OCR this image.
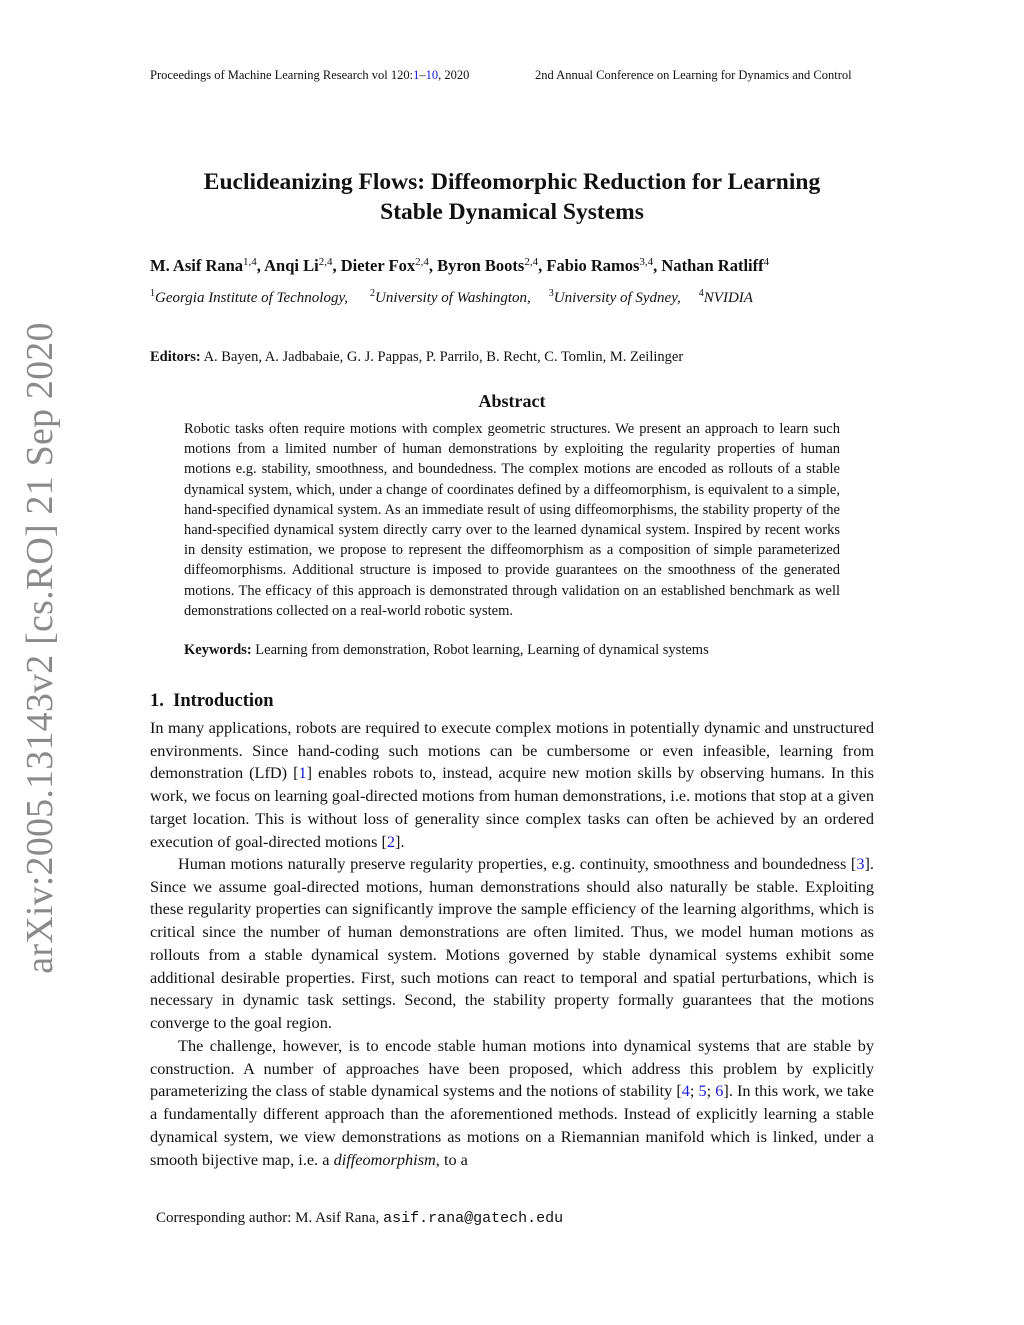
Proceedings of Machine Learning Research vol 120:1–10, 2020	2nd Annual Conference on Learning for Dynamics and Control
arXiv:2005.13143v2 [cs.RO] 21 Sep 2020
Euclideanizing Flows: Diffeomorphic Reduction for Learning
Stable Dynamical Systems
M. Asif Rana$^{1,4}$, Anqi Li$^{2,4}$, Dieter Fox$^{2,4}$, Byron Boots$^{2,4}$, Fabio Ramos$^{3,4}$, Nathan Ratliff$^4$
$^1$Georgia Institute of Technology, $^2$University of Washington, $^3$University of Sydney, $^4$NVIDIA
Editors: A. Bayen, A. Jadbabaie, G. J. Pappas, P. Parrilo, B. Recht, C. Tomlin, M. Zeilinger
Abstract

Robotic tasks often require motions with complex geometric structures. We present an approach to learn such motions from a limited number of human demonstrations by exploiting the regularity properties of human motions e.g. stability, smoothness, and boundedness. The complex motions are encoded as rollouts of a stable dynamical system, which, under a change of coordinates defined by a diffeomorphism, is equivalent to a simple, hand-specified dynamical system. As an immediate result of using diffeomorphisms, the stability property of the hand-specified dynamical system directly carry over to the learned dynamical system. Inspired by recent works in density estimation, we propose to represent the diffeomorphism as a composition of simple parameterized diffeomorphisms. Additional structure is imposed to provide guarantees on the smoothness of the generated motions. The efficacy of this approach is demonstrated through validation on an established benchmark as well demonstrations collected on a real-world robotic system.

Keywords: Learning from demonstration, Robot learning, Learning of dynamical systems
1. Introduction

In many applications, robots are required to execute complex motions in potentially dynamic and unstructured environments. Since hand-coding such motions can be cumbersome or even infeasible, learning from demonstration (LfD) [1] enables robots to, instead, acquire new motion skills by observing humans. In this work, we focus on learning goal-directed motions from human demonstrations, i.e. motions that stop at a given target location. This is without loss of generality since complex tasks can often be achieved by an ordered execution of goal-directed motions [2].

Human motions naturally preserve regularity properties, e.g. continuity, smoothness and boundedness [3]. Since we assume goal-directed motions, human demonstrations should also naturally be stable. Exploiting these regularity properties can significantly improve the sample efficiency of the learning algorithms, which is critical since the number of human demonstrations are often limited. Thus, we model human motions as rollouts from a stable dynamical system. Motions governed by stable dynamical systems exhibit some additional desirable properties. First, such motions can react to temporal and spatial perturbations, which is necessary in dynamic task settings. Second, the stability property formally guarantees that the motions converge to the goal region.

The challenge, however, is to encode stable human motions into dynamical systems that are stable by construction. A number of approaches have been proposed, which address this problem by explicitly parameterizing the class of stable dynamical systems and the notions of stability [4; 5; 6]. In this work, we take a fundamentally different approach than the aforementioned methods. Instead of explicitly learning a stable dynamical system, we view demonstrations as motions on a Riemannian manifold which is linked, under a smooth bijective map, i.e. a diffeomorphism, to a

Corresponding author: M. Asif Rana, asif.rana@gatech.edu
